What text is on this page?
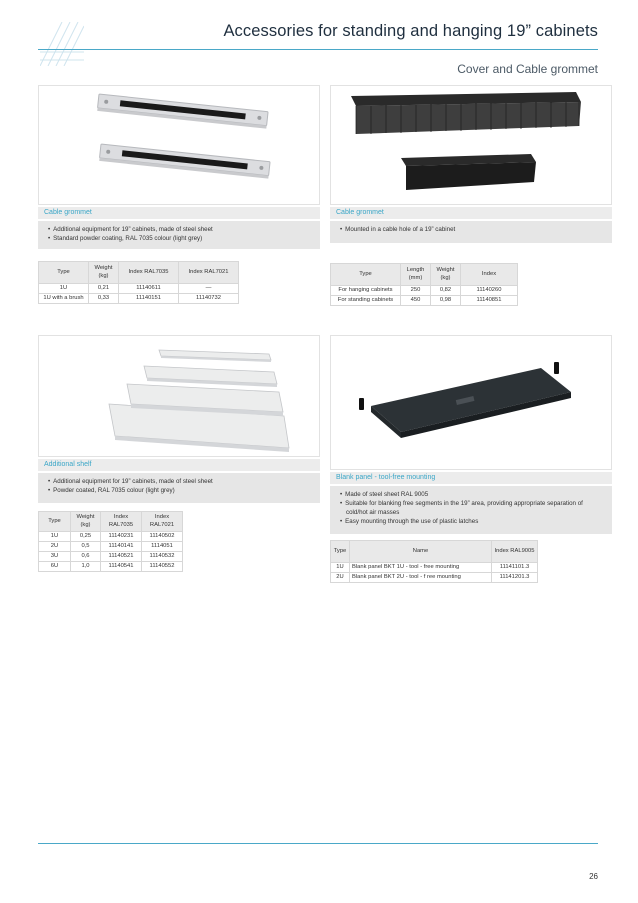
Accessories for standing and hanging 19” cabinets
Cover and Cable grommet
Cable grommet
• Additional equipment for 19” cabinets, made of steel sheet
• Standard powder coating, RAL 7035 colour (light grey)
Type	Weight (kg)	Index RAL7035	Index RAL7021
1U	0,21	11140611	—
1U with a brush	0,33	11140151	11140732
Cable grommet
• Mounted in a cable hole of a 19” cabinet
Type	Length (mm)	Weight (kg)	Index
For hanging cabinets	250	0,82	11140260
For standing cabinets	450	0,98	11140851
Additional shelf
• Additional equipment for 19” cabinets, made of steel sheet
• Powder coated, RAL 7035 colour (light grey)
Type	Weight (kg)	Index RAL7035	Index RAL7021
1U	0,25	11140231	11140502
2U	0,5	11140141	1114051
3U	0,6	11140521	11140532
6U	1,0	11140541	11140552
Blank panel - tool-free mounting
• Made of steel sheet RAL 9005
• Suitable for blanking free segments in the 19” area, providing appropriate separation of cold/hot air masses
• Easy mounting through the use of plastic latches
Type	Name	Index RAL9005
1U	Blank panel BKT 1U - tool - free mounting	11141101.3
2U	Blank panel BKT 2U - tool - f ree mounting	11141201.3
26
